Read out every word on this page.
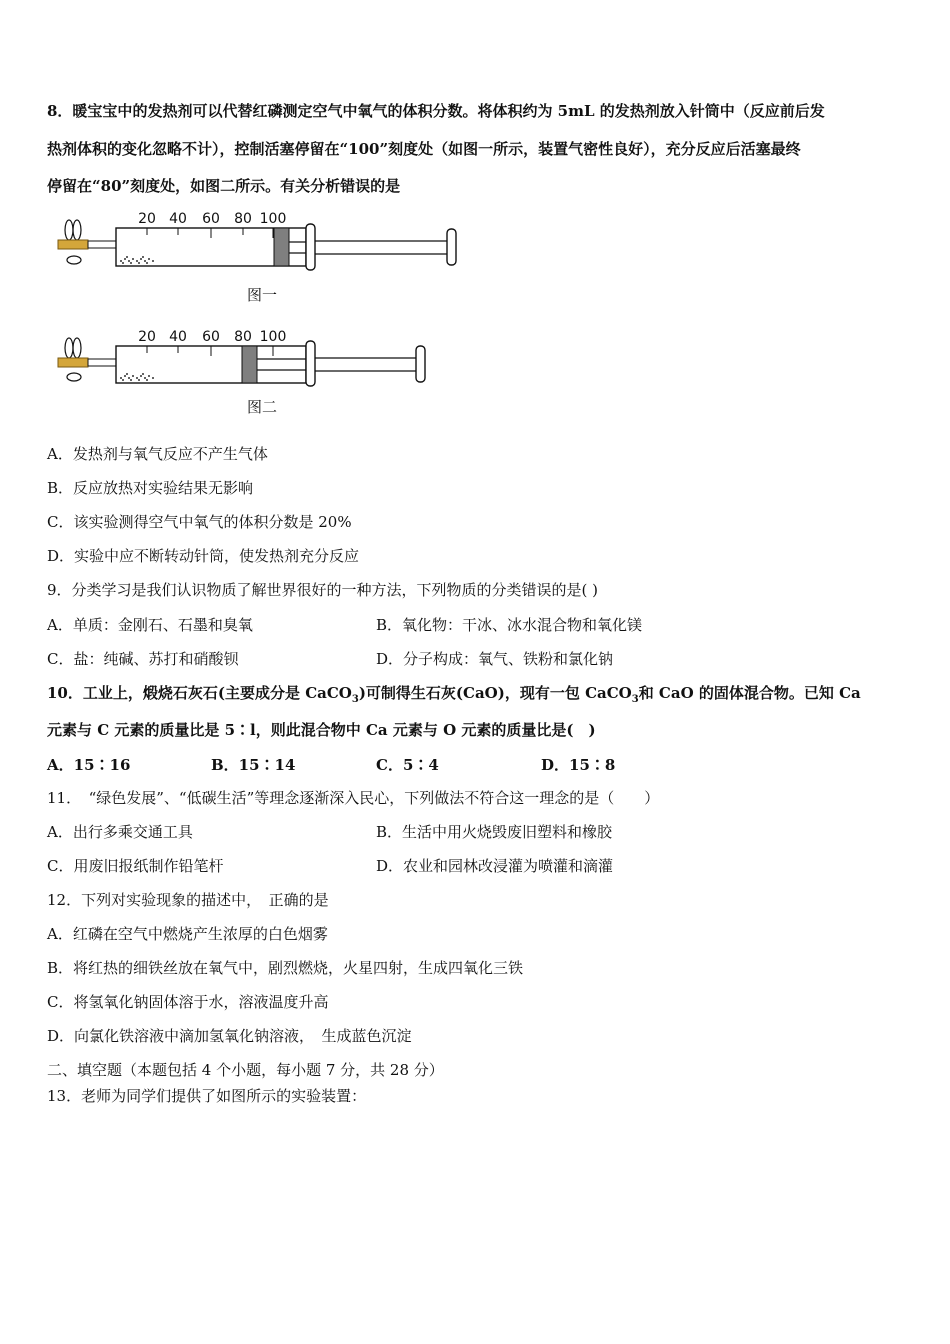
8．暖宝宝中的发热剂可以代替红磷测定空气中氧气的体积分数。将体积约为 5mL 的发热剂放入针筒中（反应前后发
热剂体积的变化忽略不计），控制活塞停留在“100”刻度处（如图一所示，装置气密性良好），充分反应后活塞最终
停留在“80”刻度处，如图二所示。有关分析错误的是
20 40 60 80 100
图一
20 40 60 80 100
图二
A．发热剂与氧气反应不产生气体
B．反应放热对实验结果无影响
C．该实验测得空气中氧气的体积分数是 20%
D．实验中应不断转动针筒，使发热剂充分反应
9．分类学习是我们认识物质了解世界很好的一种方法，下列物质的分类错误的是( )
A．单质：金刚石、石墨和臭氧	B．氧化物：干冰、冰水混合物和氧化镁
C．盐：纯碱、苏打和硝酸钡	D．分子构成：氧气、铁粉和氯化钠
10．工业上，煅烧石灰石(主要成分是 CaCO$_3$)可制得生石灰(CaO)，现有一包 CaCO$_3$和 CaO 的固体混合物。已知 Ca
元素与 C 元素的质量比是 5∶l，则此混合物中 Ca 元素与 O 元素的质量比是(　)
A．15∶16	B．15∶14	C．5∶4	D．15∶8
11．　“绿色发展”、“低碳生活”等理念逐渐深入民心，下列做法不符合这一理念的是（　　）
A．出行多乘交通工具	B．生活中用火烧毁废旧塑料和橡胶
C．用废旧报纸制作铅笔杆	D．农业和园林改浸灌为喷灌和滴灌
12．下列对实验现象的描述中，　正确的是
A．红磷在空气中燃烧产生浓厚的白色烟雾
B．将红热的细铁丝放在氧气中，剧烈燃烧，火星四射，生成四氧化三铁
C．将氢氧化钠固体溶于水，溶液温度升高
D．向氯化铁溶液中滴加氢氧化钠溶液，　生成蓝色沉淀
二、填空题（本题包括 4 个小题，每小题 7 分，共 28 分）
13．老师为同学们提供了如图所示的实验装置：
